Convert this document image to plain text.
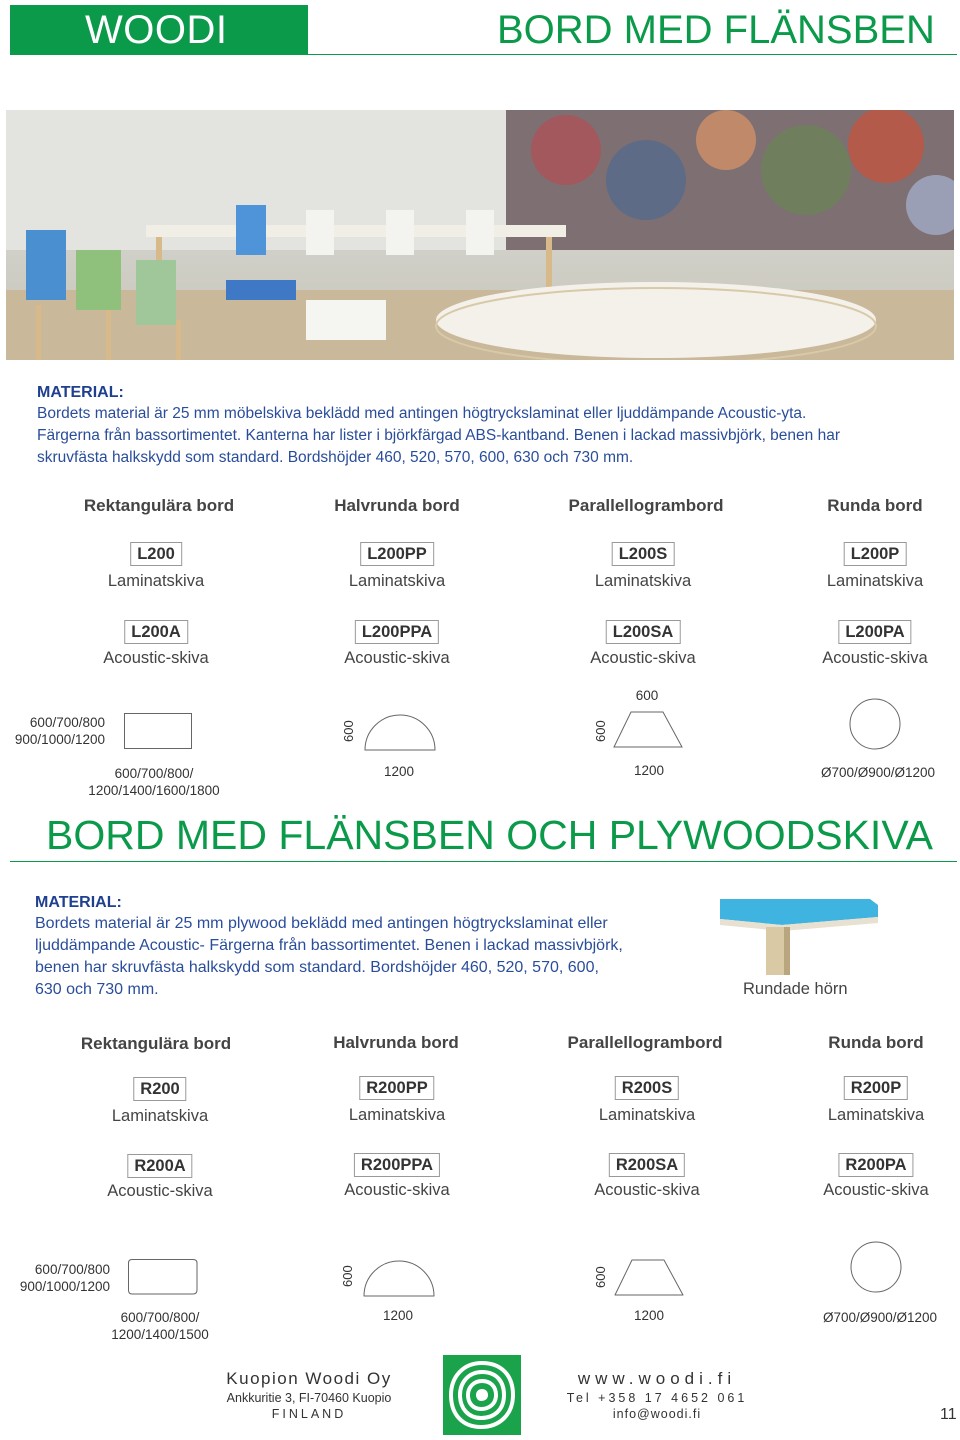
WOODI	BORD MED FLÄNSBEN
MATERIAL:
Bordets material är 25 mm möbelskiva beklädd med antingen högtryckslaminat eller ljuddämpande Acoustic-yta.
Färgerna från bassortimentet. Kanterna har lister i björkfärgad ABS-kantband. Benen i lackad massivbjörk, benen har
skruvfästa halkskydd som standard. Bordshöjder 460, 520, 570, 600, 630 och 730 mm.
Rektangulära bord	Halvrunda bord	Parallellogrambord	Runda bord
L200	L200PP	L200S	L200P
Laminatskiva	Laminatskiva	Laminatskiva	Laminatskiva
L200A	L200PPA	L200SA	L200PA
Acoustic-skiva	Acoustic-skiva	Acoustic-skiva	Acoustic-skiva
600/700/800
900/1000/1200
600/700/800/
1200/1400/1600/1800
600
1200
600
600
1200	Ø700/Ø900/Ø1200
BORD MED FLÄNSBEN OCH PLYWOODSKIVA
MATERIAL:
Bordets material är 25 mm plywood beklädd med antingen högtryckslaminat eller
ljuddämpande Acoustic- Färgerna från bassortimentet. Benen i lackad massivbjörk,
benen har skruvfästa halkskydd som standard. Bordshöjder 460, 520, 570, 600,
630 och 730 mm.	Rundade hörn
Rektangulära bord	Halvrunda bord	Parallellogrambord	Runda bord
R200	R200PP	R200S	R200P
Laminatskiva	Laminatskiva	Laminatskiva	Laminatskiva
R200A	R200PPA	R200SA	R200PA
Acoustic-skiva	Acoustic-skiva	Acoustic-skiva	Acoustic-skiva
600/700/800
900/1000/1200
600/700/800/
1200/1400/1500
600
1200
600
1200	Ø700/Ø900/Ø1200
Kuopion Woodi Oy
Ankkuritie 3, FI-70460 Kuopio
FINLAND
www.woodi.fi
Tel +358 17 4652 061
info@woodi.fi	11
